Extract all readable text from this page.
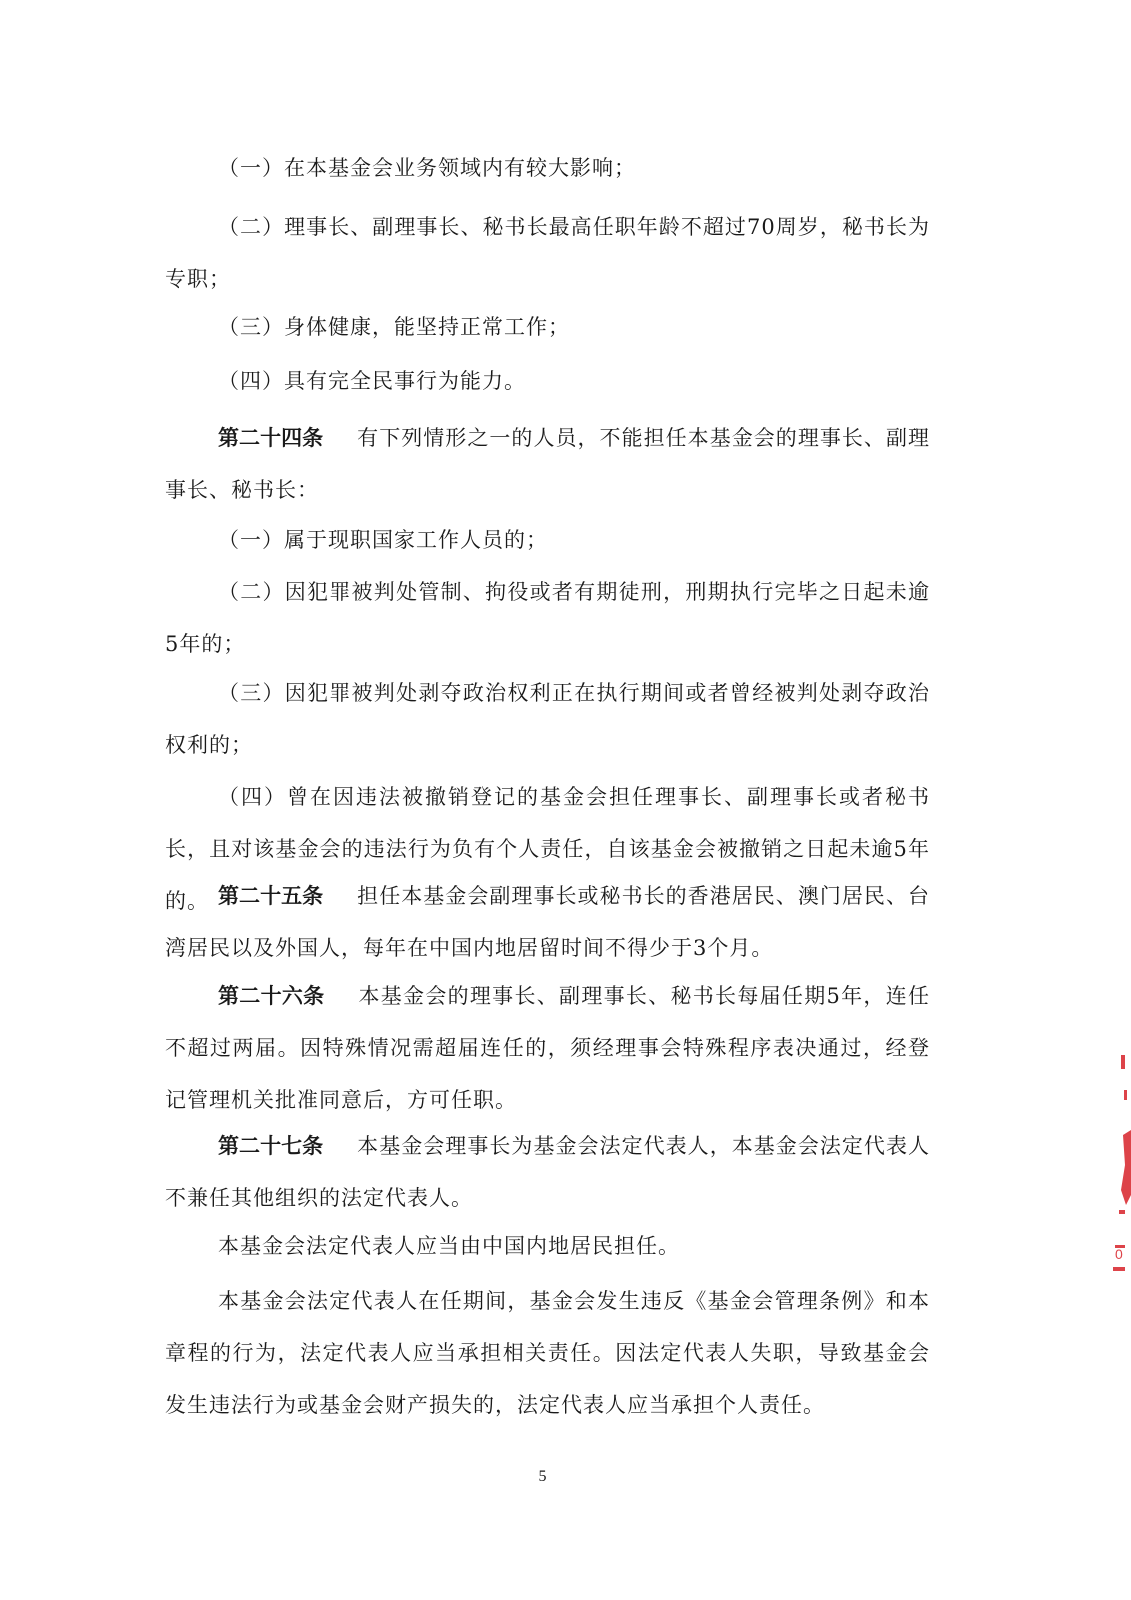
（一）在本基金会业务领域内有较大影响；

（二）理事长、副理事长、秘书长最高任职年龄不超过70周岁，秘书长为专职；

（三）身体健康，能坚持正常工作；

（四）具有完全民事行为能力。

第二十四条 有下列情形之一的人员，不能担任本基金会的理事长、副理事长、秘书长：

（一）属于现职国家工作人员的；

（二）因犯罪被判处管制、拘役或者有期徒刑，刑期执行完毕之日起未逾5年的；

（三）因犯罪被判处剥夺政治权利正在执行期间或者曾经被判处剥夺政治权利的；

（四）曾在因违法被撤销登记的基金会担任理事长、副理事长或者秘书长，且对该基金会的违法行为负有个人责任，自该基金会被撤销之日起未逾5年的。 第二十五条 担任本基金会副理事长或秘书长的香港居民、澳门居民、台湾居民以及外国人，每年在中国内地居留时间不得少于3个月。

第二十六条 本基金会的理事长、副理事长、秘书长每届任期5年，连任不超过两届。因特殊情况需超届连任的，须经理事会特殊程序表决通过，经登记管理机关批准同意后，方可任职。

第二十七条 本基金会理事长为基金会法定代表人，本基金会法定代表人不兼任其他组织的法定代表人。

本基金会法定代表人应当由中国内地居民担任。

本基金会法定代表人在任期间，基金会发生违反《基金会管理条例》和本章程的行为，法定代表人应当承担相关责任。因法定代表人失职，导致基金会发生违法行为或基金会财产损失的，法定代表人应当承担个人责任。

5
0
